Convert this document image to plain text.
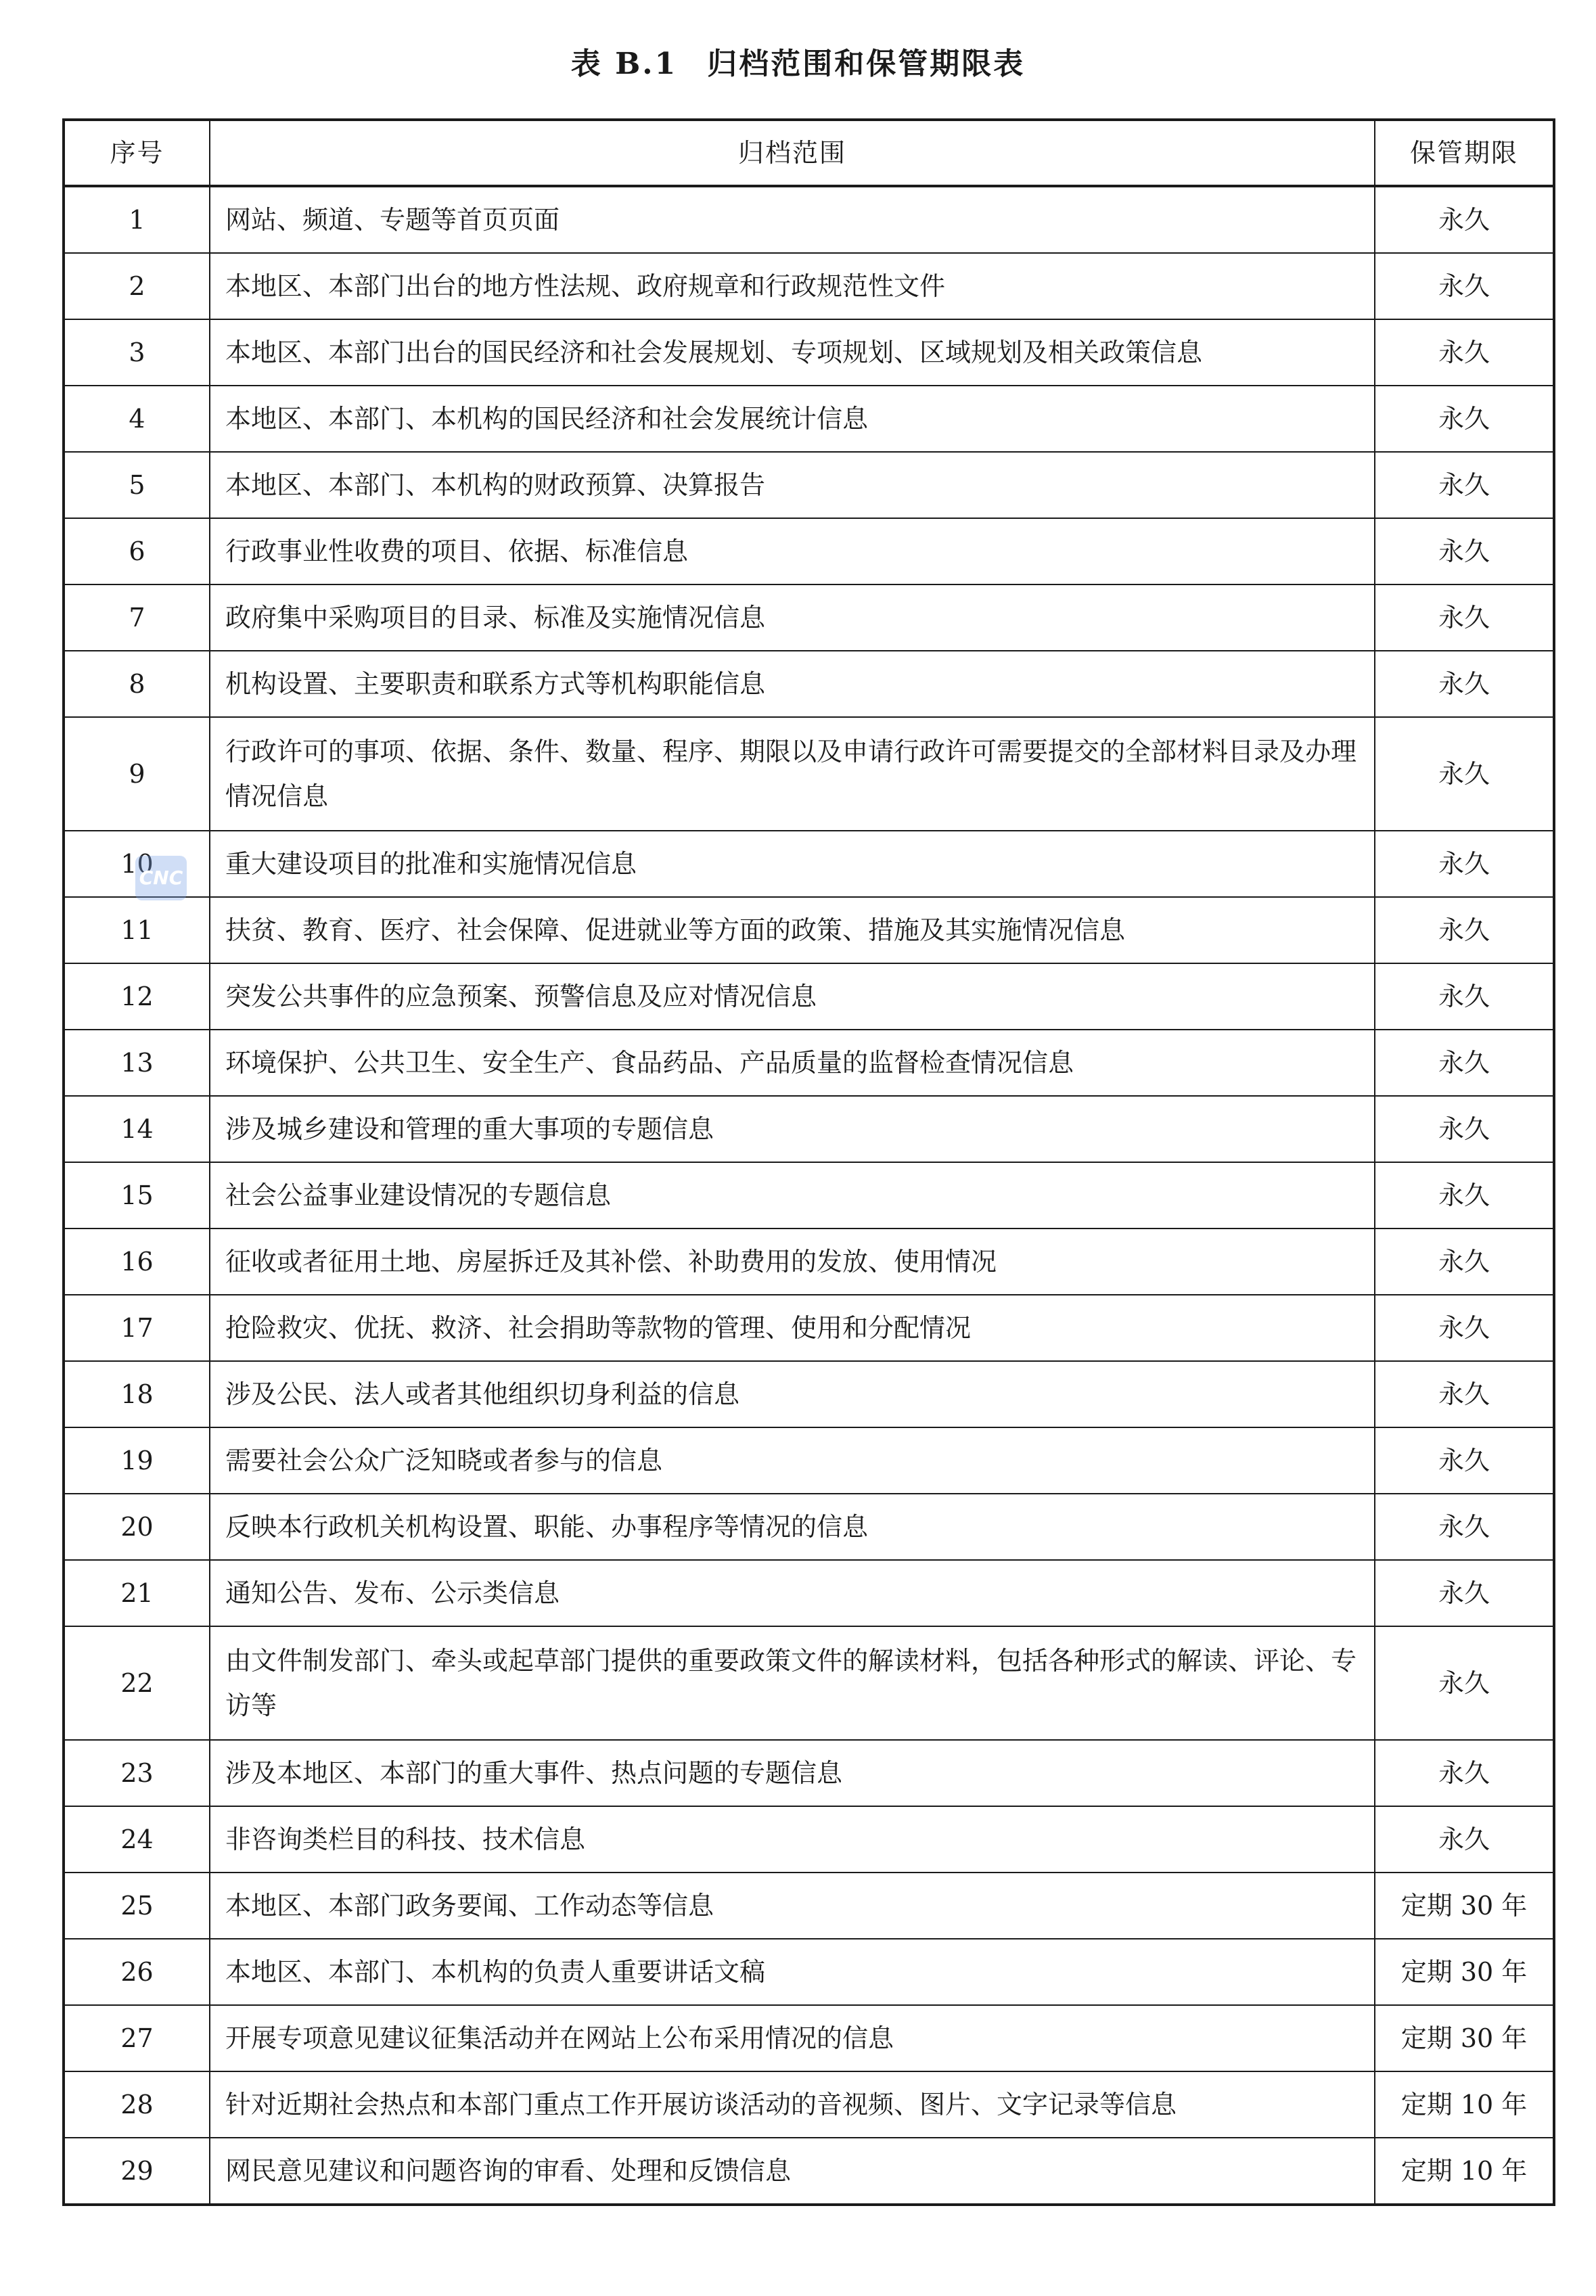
表 B.1 归档范围和保管期限表
序号	归档范围	保管期限
1	网站、频道、专题等首页页面	永久
2	本地区、本部门出台的地方性法规、政府规章和行政规范性文件	永久
3	本地区、本部门出台的国民经济和社会发展规划、专项规划、区域规划及相关政策信息	永久
4	本地区、本部门、本机构的国民经济和社会发展统计信息	永久
5	本地区、本部门、本机构的财政预算、决算报告	永久
6	行政事业性收费的项目、依据、标准信息	永久
7	政府集中采购项目的目录、标准及实施情况信息	永久
8	机构设置、主要职责和联系方式等机构职能信息	永久
9	行政许可的事项、依据、条件、数量、程序、期限以及申请行政许可需要提交的全部材料目录及办理情况信息	永久
10	重大建设项目的批准和实施情况信息	永久
11	扶贫、教育、医疗、社会保障、促进就业等方面的政策、措施及其实施情况信息	永久
12	突发公共事件的应急预案、预警信息及应对情况信息	永久
13	环境保护、公共卫生、安全生产、食品药品、产品质量的监督检查情况信息	永久
14	涉及城乡建设和管理的重大事项的专题信息	永久
15	社会公益事业建设情况的专题信息	永久
16	征收或者征用土地、房屋拆迁及其补偿、补助费用的发放、使用情况	永久
17	抢险救灾、优抚、救济、社会捐助等款物的管理、使用和分配情况	永久
18	涉及公民、法人或者其他组织切身利益的信息	永久
19	需要社会公众广泛知晓或者参与的信息	永久
20	反映本行政机关机构设置、职能、办事程序等情况的信息	永久
21	通知公告、发布、公示类信息	永久
22	由文件制发部门、牵头或起草部门提供的重要政策文件的解读材料，包括各种形式的解读、评论、专访等	永久
23	涉及本地区、本部门的重大事件、热点问题的专题信息	永久
24	非咨询类栏目的科技、技术信息	永久
25	本地区、本部门政务要闻、工作动态等信息	定期 30 年
26	本地区、本部门、本机构的负责人重要讲话文稿	定期 30 年
27	开展专项意见建议征集活动并在网站上公布采用情况的信息	定期 30 年
28	针对近期社会热点和本部门重点工作开展访谈活动的音视频、图片、文字记录等信息	定期 10 年
29	网民意见建议和问题咨询的审看、处理和反馈信息	定期 10 年
CNC
